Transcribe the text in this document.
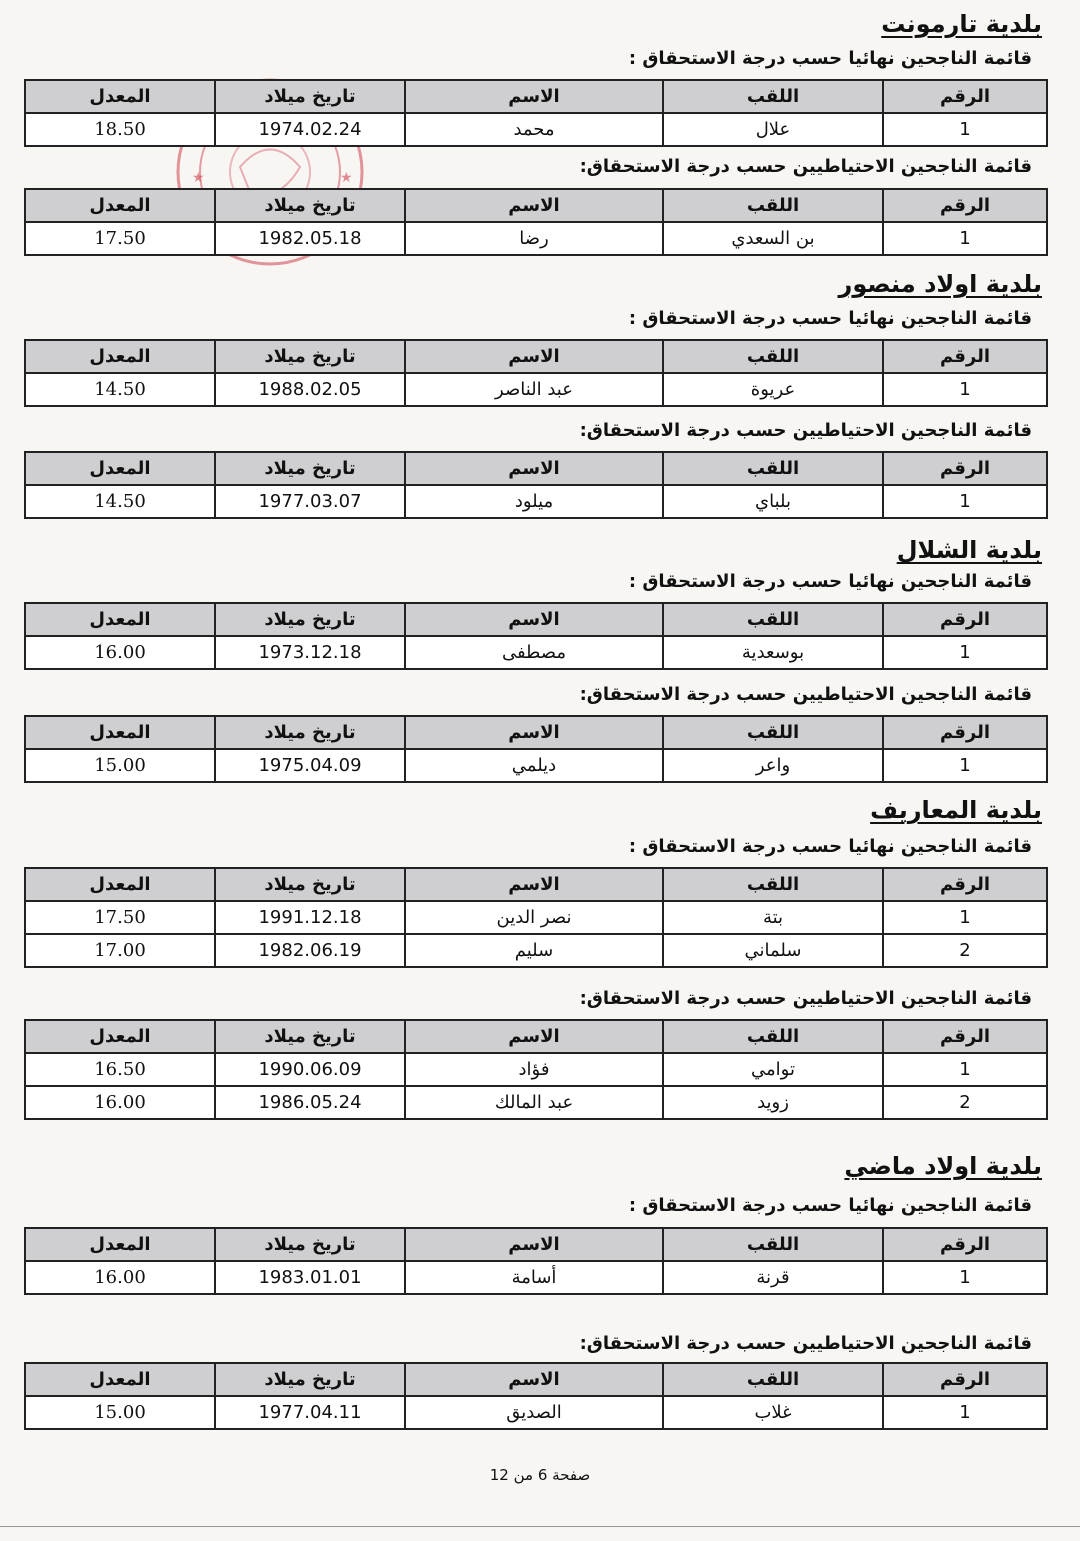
★	★
بلدية تارمونت
قائمة الناجحين نهائيا حسب درجة الاستحقاق :
الرقم	اللقب	الاسم	تاريخ ميلاد	المعدل
1	علال	محمد	1974.02.24	18.50
قائمة الناجحين الاحتياطيين حسب درجة الاستحقاق:
الرقم	اللقب	الاسم	تاريخ ميلاد	المعدل
1	بن السعدي	رضا	1982.05.18	17.50
بلدية اولاد منصور
قائمة الناجحين نهائيا حسب درجة الاستحقاق :
الرقم	اللقب	الاسم	تاريخ ميلاد	المعدل
1	عريوة	عبد الناصر	1988.02.05	14.50
قائمة الناجحين الاحتياطيين حسب درجة الاستحقاق:
الرقم	اللقب	الاسم	تاريخ ميلاد	المعدل
1	بلباي	ميلود	1977.03.07	14.50
بلدية الشلال
قائمة الناجحين نهائيا حسب درجة الاستحقاق :
الرقم	اللقب	الاسم	تاريخ ميلاد	المعدل
1	بوسعدية	مصطفى	1973.12.18	16.00
قائمة الناجحين الاحتياطيين حسب درجة الاستحقاق:
الرقم	اللقب	الاسم	تاريخ ميلاد	المعدل
1	واعر	ديلمي	1975.04.09	15.00
بلدية المعاريف
قائمة الناجحين نهائيا حسب درجة الاستحقاق :
الرقم	اللقب	الاسم	تاريخ ميلاد	المعدل
1	بتة	نصر الدين	1991.12.18	17.50
2	سلماني	سليم	1982.06.19	17.00
قائمة الناجحين الاحتياطيين حسب درجة الاستحقاق:
الرقم	اللقب	الاسم	تاريخ ميلاد	المعدل
1	توامي	فؤاد	1990.06.09	16.50
2	زويد	عبد المالك	1986.05.24	16.00
بلدية اولاد ماضي
قائمة الناجحين نهائيا حسب درجة الاستحقاق :
الرقم	اللقب	الاسم	تاريخ ميلاد	المعدل
1	قرنة	أسامة	1983.01.01	16.00
قائمة الناجحين الاحتياطيين حسب درجة الاستحقاق:
الرقم	اللقب	الاسم	تاريخ ميلاد	المعدل
1	غلاب	الصديق	1977.04.11	15.00
صفحة 6 من 12
